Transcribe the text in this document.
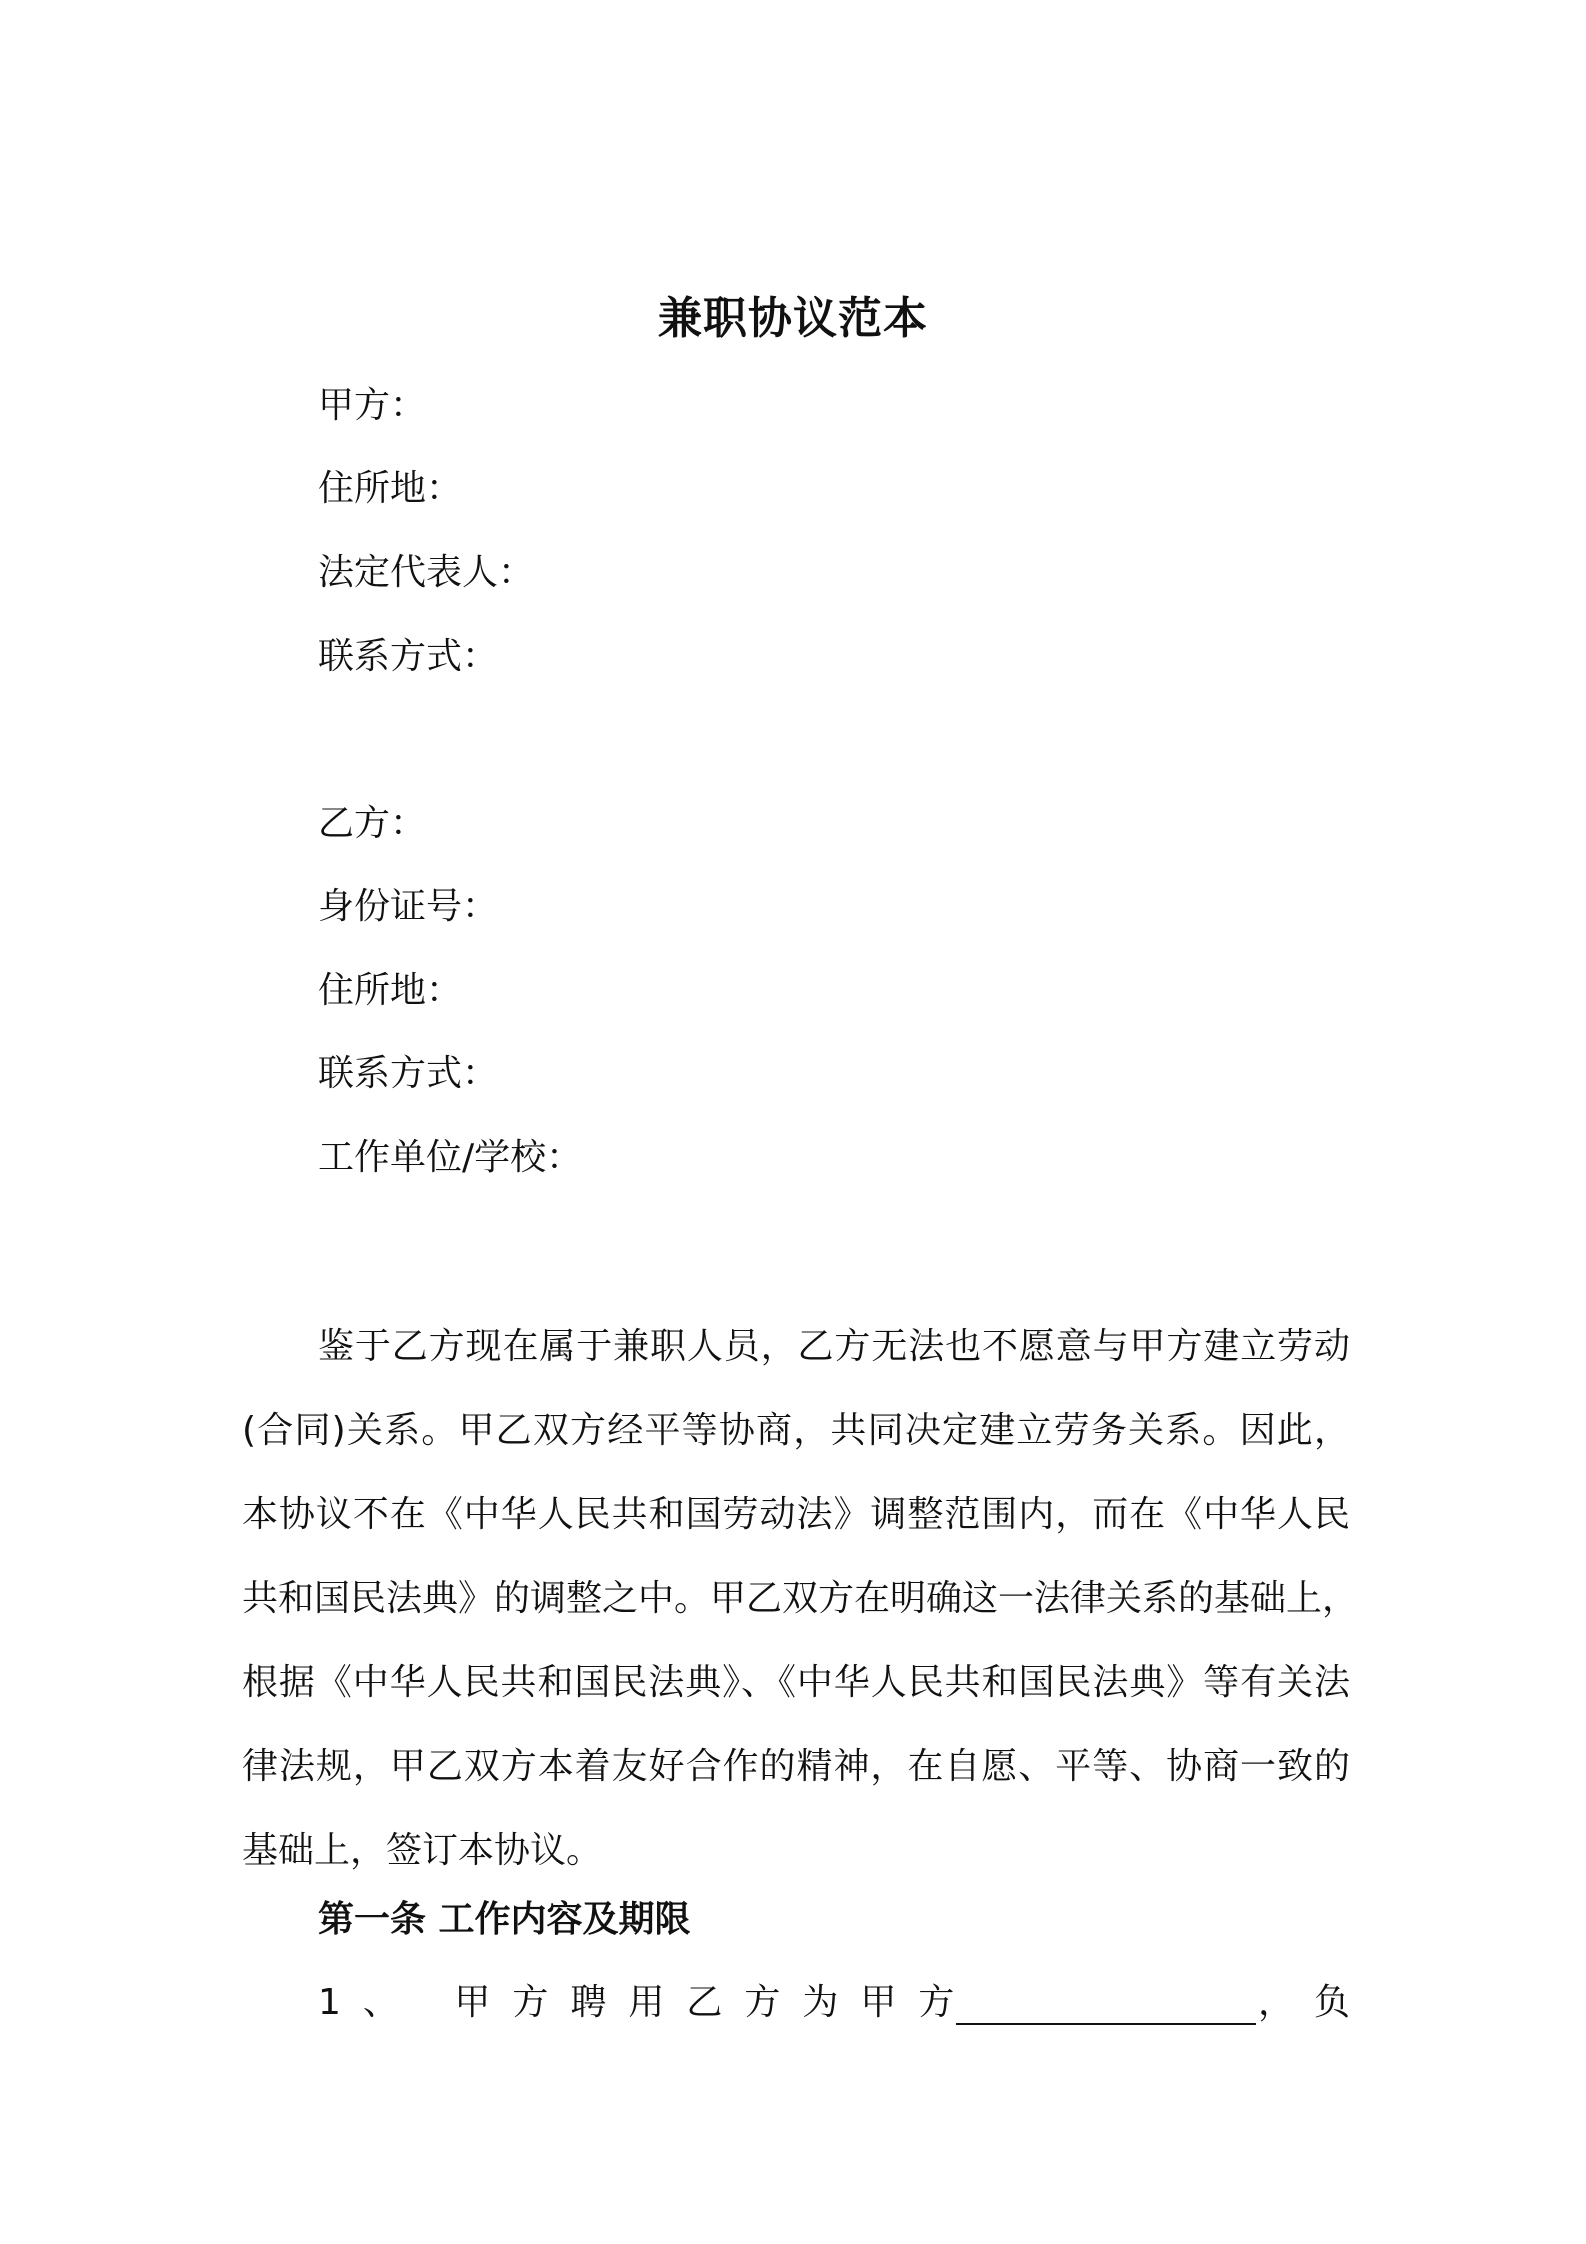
兼职协议范本
甲方：
住所地：
法定代表人：
联系方式：
乙方：
身份证号：
住所地：
联系方式：
工作单位/学校：
鉴于乙方现在属于兼职人员，乙方无法也不愿意与甲方建立劳动
(合同)关系。甲乙双方经平等协商，共同决定建立劳务关系。因此，
本协议不在《中华人民共和国劳动法》调整范围内，而在《中华人民
共和国民法典》的调整之中。甲乙双方在明确这一法律关系的基础上，
根据《中华人民共和国民法典》、《中华人民共和国民法典》等有关法
律法规，甲乙双方本着友好合作的精神，在自愿、平等、协商一致的
基础上，签订本协议。
第一条 工作内容及期限
1、 甲方聘用乙方为甲方	， 负
